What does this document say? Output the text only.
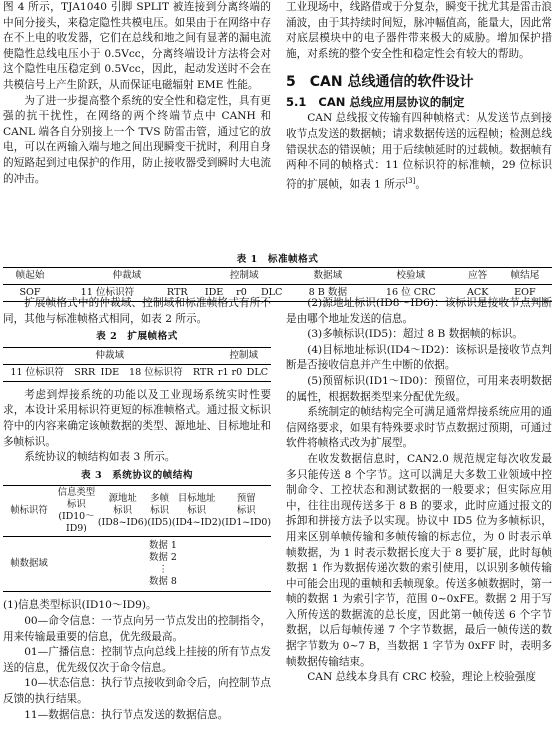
图 4 所示，TJA1040 引脚 SPLIT 被连接到分离终端的中间分接头，来稳定隐性共模电压。如果由于在网络中存在不上电的收发器，它们在总线和地之间有显著的漏电流使隐性总线电压小于 0.5Vcc，分离终端设计方法将会对这个隐性电压稳定到 0.5Vcc，因此，起动发送时不会在共模信号上产生阶跃，从而保证电磁辐射 EME 性能。

为了进一步提高整个系统的安全性和稳定性，具有更强的抗干扰性，在网络的两个终端节点中 CANH 和 CANL 端各自分别接上一个 TVS 防雷击管，通过它的放电，可以在两输入端与地之间出现瞬变干扰时，利用自身的短路起到过电保护的作用，防止接收器受到瞬时大电流的冲击。

工业现场中，线路借或于分复杂，瞬变干扰尤其是雷击浪涌波，由于其持续时间短，脉冲幅值高，能量大，因此常对底层模块中的电子器件带来极大的威胁。增加保护措施，对系统的整个安全性和稳定性会有较大的帮助。

5 CAN 总线通信的软件设计
5.1 CAN 总线应用层协议的制定

CAN 总线报文传输有四种帧格式：从发送节点到接收节点发送的数据帧；请求数据传送的远程帧；检测总线错误状态的错误帧；用于后续帧延时的过载帧。数据帧有两种不同的帧格式：11 位标识符的标准帧，29 位标识符的扩展帧，如表 1 所示[3]。

表 1　标准帧格式
帧起始	仲裁域		控制域			数据域	校验域	应答	帧结尾
SOF	11 位标识符	RTR	IDE	r0	DLC	8 B 数据	16 位 CRC	ACK	EOF

扩展帧格式中的仲裁域、控制域和标准帧格式有所不同，其他与标准帧格式相同，如表 2 所示。

表 2　扩展帧格式
仲裁域					控制域		
11 位标识符	SRR	IDE	18 位标识符	RTR	r1	r0	DLC

考虑到焊接系统的功能以及工业现场系统实时性要求，本设计采用标识符更短的标准帧格式。通过报文标识符中的内容来确定该帧数据的类型、源地址、目标地址和多帧标识。

系统协议的帧结构如表 3 所示。

表 3　系统协议的帧结构
帧标识符	信息类型
标识
(ID10～ID9)	源地址
标识
(ID8~ID6)	多帧
标识
(ID5)	目标地址
标识
(ID4~ID2)	预留
标识
(ID1~ID0)
帧数据域	数据 1
数据 2
⋮
数据 8				

(1)信息类型标识(ID10～ID9)。

00—命令信息：一节点向另一节点发出的控制指令，用来传输最重要的信息，优先级最高。

01—广播信息：控制节点向总线上挂接的所有节点发送的信息，优先级仅次于命令信息。

10—状态信息：执行节点接收到命令后，向控制节点反馈的执行结果。

11—数据信息：执行节点发送的数据信息。

(2)源地址标识(ID8～ID6)：该标识是接收节点判断是由哪个地址发送的信息。

(3)多帧标识(ID5)：超过 8 B 数据帧的标识。

(4)目标地址标识(ID4～ID2)：该标识是接收节点判断是否接收信息并产生中断的依据。

(5)预留标识(ID1～ID0)：预留位，可用来表明数据的属性，根据数据类型来分配优先级。

系统制定的帧结构完全可满足通常焊接系统应用的通信网络要求，如果有特殊要求时节点数据过预期，可通过软件将帧格式改为扩展型。

在收发数据信息时，CAN2.0 规范规定每次收发最多只能传送 8 个字节。这可以满足大多数工业领域中控制命令、工控状态和测试数据的一般要求；但实际应用中，往往出现传送多于 8 B 的要求，此时应通过报文的拆卸和拼接方法予以实现。协议中 ID5 位为多帧标识，用来区别单帧传输和多帧传输的标志位，为 0 时表示单帧数据，为 1 时表示数据长度大于 8 要扩展，此时每帧数据 1 作为数据传递次数的索引使用，以识别多帧传输中可能会出现的重帧和丢帧现象。传送多帧数据时，第一帧的数据 1 为索引字节，范围 0~0xFE。数据 2 用于写入所传送的数据流的总长度，因此第一帧传送 6 个字节数据，以后每帧传递 7 个字节数据，最后一帧传送的数据字节数为 0~7 B，当数据 1 字节为 0xFF 时，表明多帧数据传输结束。

CAN 总线本身具有 CRC 校验，理论上校验强度
